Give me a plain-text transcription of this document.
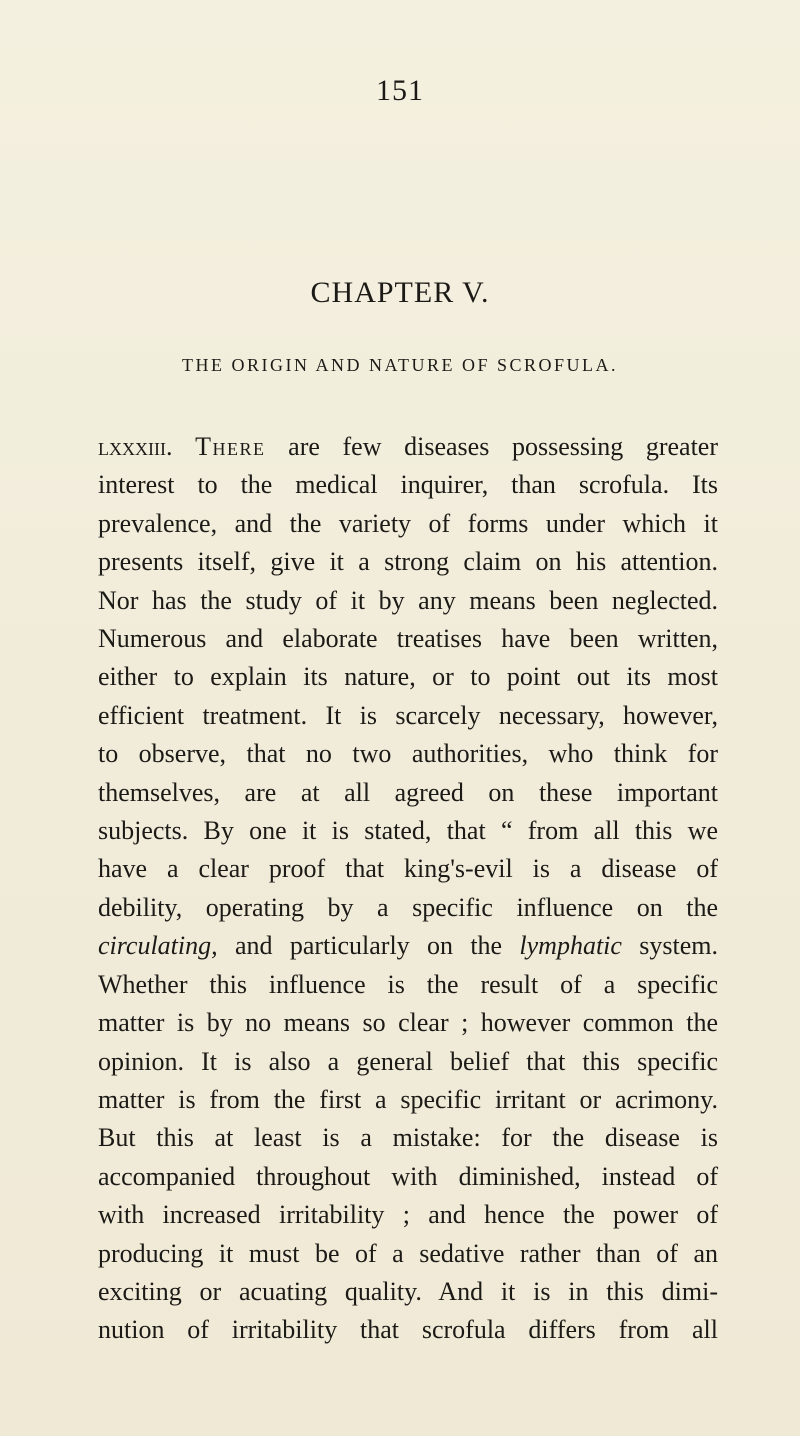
151
CHAPTER V.
THE ORIGIN AND NATURE OF SCROFULA.
lxxxiii. There are few diseases possessing greater
interest to the medical inquirer, than scrofula. Its
prevalence, and the variety of forms under which it
presents itself, give it a strong claim on his attention.
Nor has the study of it by any means been neglected.
Numerous and elaborate treatises have been written,
either to explain its nature, or to point out its most
efficient treatment. It is scarcely necessary, however,
to observe, that no two authorities, who think for
themselves, are at all agreed on these important
subjects. By one it is stated, that “ from all this we
have a clear proof that king's-evil is a disease of
debility, operating by a specific influence on the
circulating, and particularly on the lymphatic system.
Whether this influence is the result of a specific
matter is by no means so clear ; however common the
opinion. It is also a general belief that this specific
matter is from the first a specific irritant or acrimony.
But this at least is a mistake: for the disease is
accompanied throughout with diminished, instead of
with increased irritability ; and hence the power of
producing it must be of a sedative rather than of an
exciting or acuating quality. And it is in this dimi-
nution of irritability that scrofula differs from all
